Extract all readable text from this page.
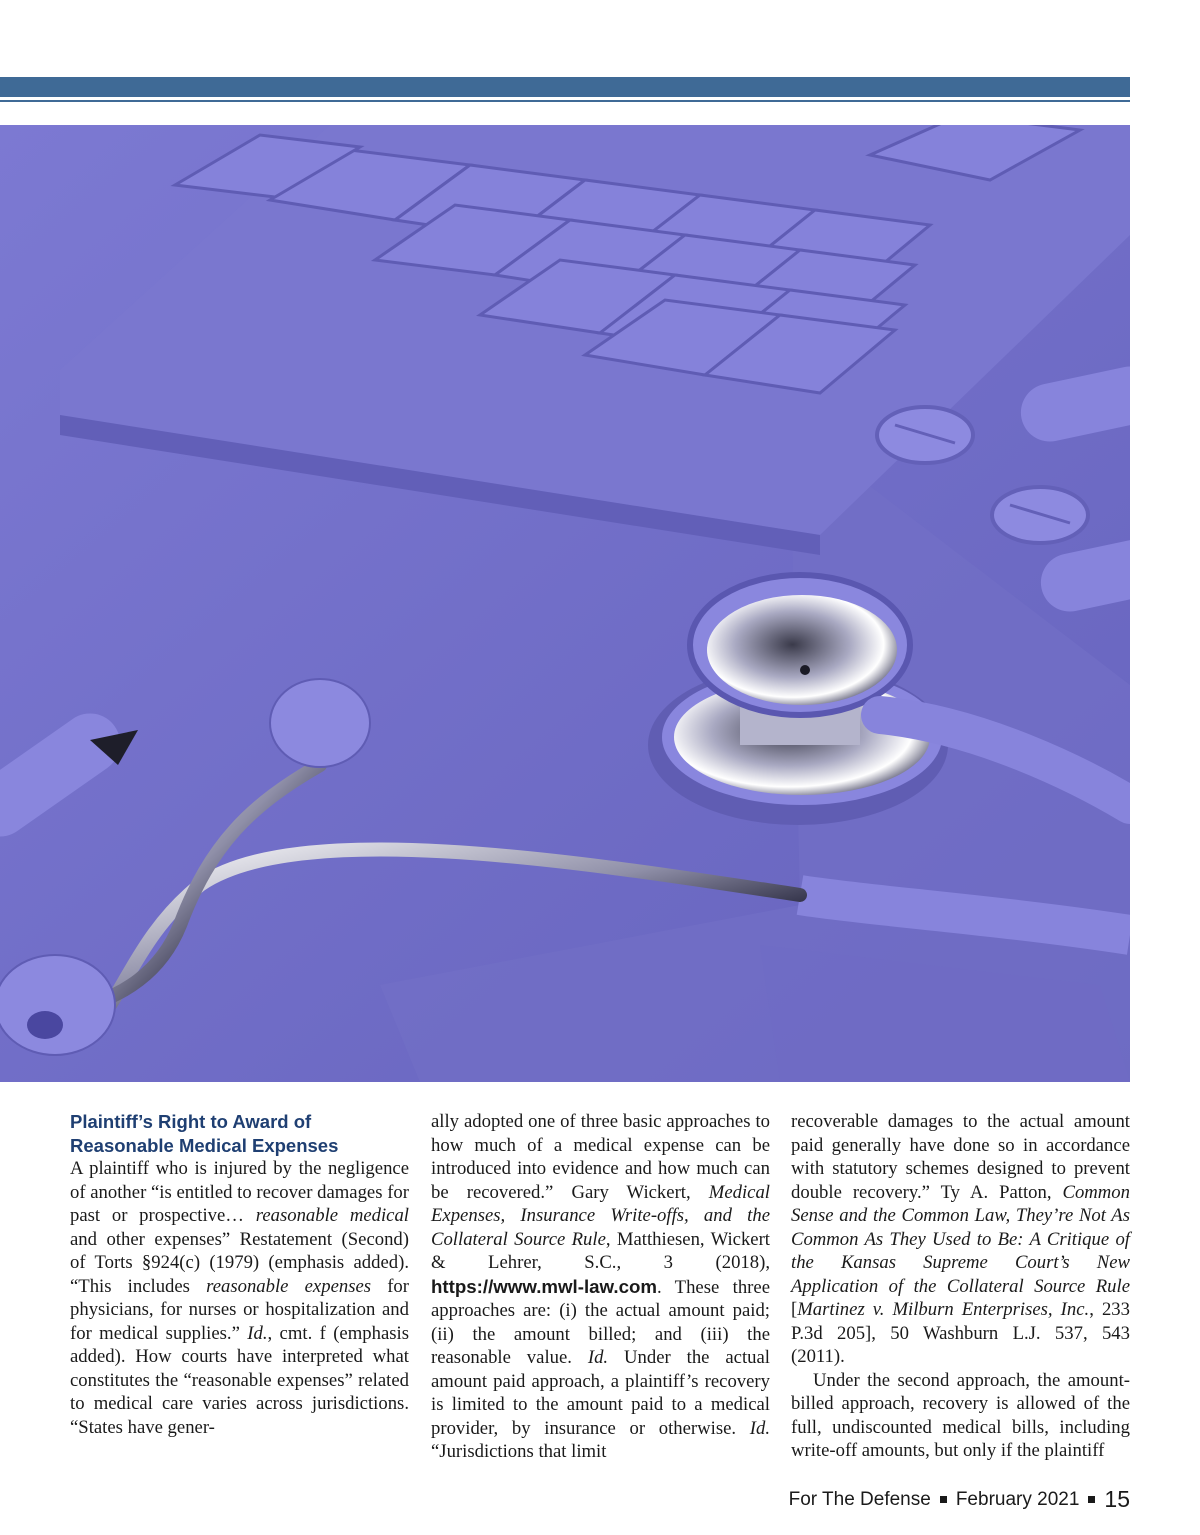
Plaintiff’s Right to Award of
Reasonable Medical Expenses

A plaintiff who is injured by the negligence of another “is entitled to recover damages for past or prospective… reasonable medical and other expenses” Restatement (Second) of Torts §924(c) (1979) (emphasis added). “This includes reasonable expenses for physicians, for nurses or hospitalization and for medical supplies.” Id., cmt. f (emphasis added). How courts have interpreted what constitutes the “reasonable expenses” related to medical care varies across jurisdictions. “States have gener-

ally adopted one of three basic approaches to how much of a medical expense can be introduced into evidence and how much can be recovered.” Gary Wickert, Medical Expenses, Insurance Write-offs, and the Collateral Source Rule, Matthiesen, Wickert & Lehrer, S.C., 3 (2018), https://www.mwl-law.com. These three approaches are: (i) the actual amount paid; (ii) the amount billed; and (iii) the reasonable value. Id. Under the actual amount paid approach, a plaintiff’s recovery is limited to the amount paid to a medical provider, by insurance or otherwise. Id. “Jurisdictions that limit

recoverable damages to the actual amount paid generally have done so in accordance with statutory schemes designed to prevent double recovery.” Ty A. Patton, Common Sense and the Common Law, They’re Not As Common As They Used to Be: A Critique of the Kansas Supreme Court’s New Application of the Collateral Source Rule [Martinez v. Milburn Enterprises, Inc., 233 P.3d 205], 50 Washburn L.J. 537, 543 (2011).

Under the second approach, the amount-billed approach, recovery is allowed of the full, undiscounted medical bills, including write-off amounts, but only if the plaintiff

For The Defense February 2021 15
